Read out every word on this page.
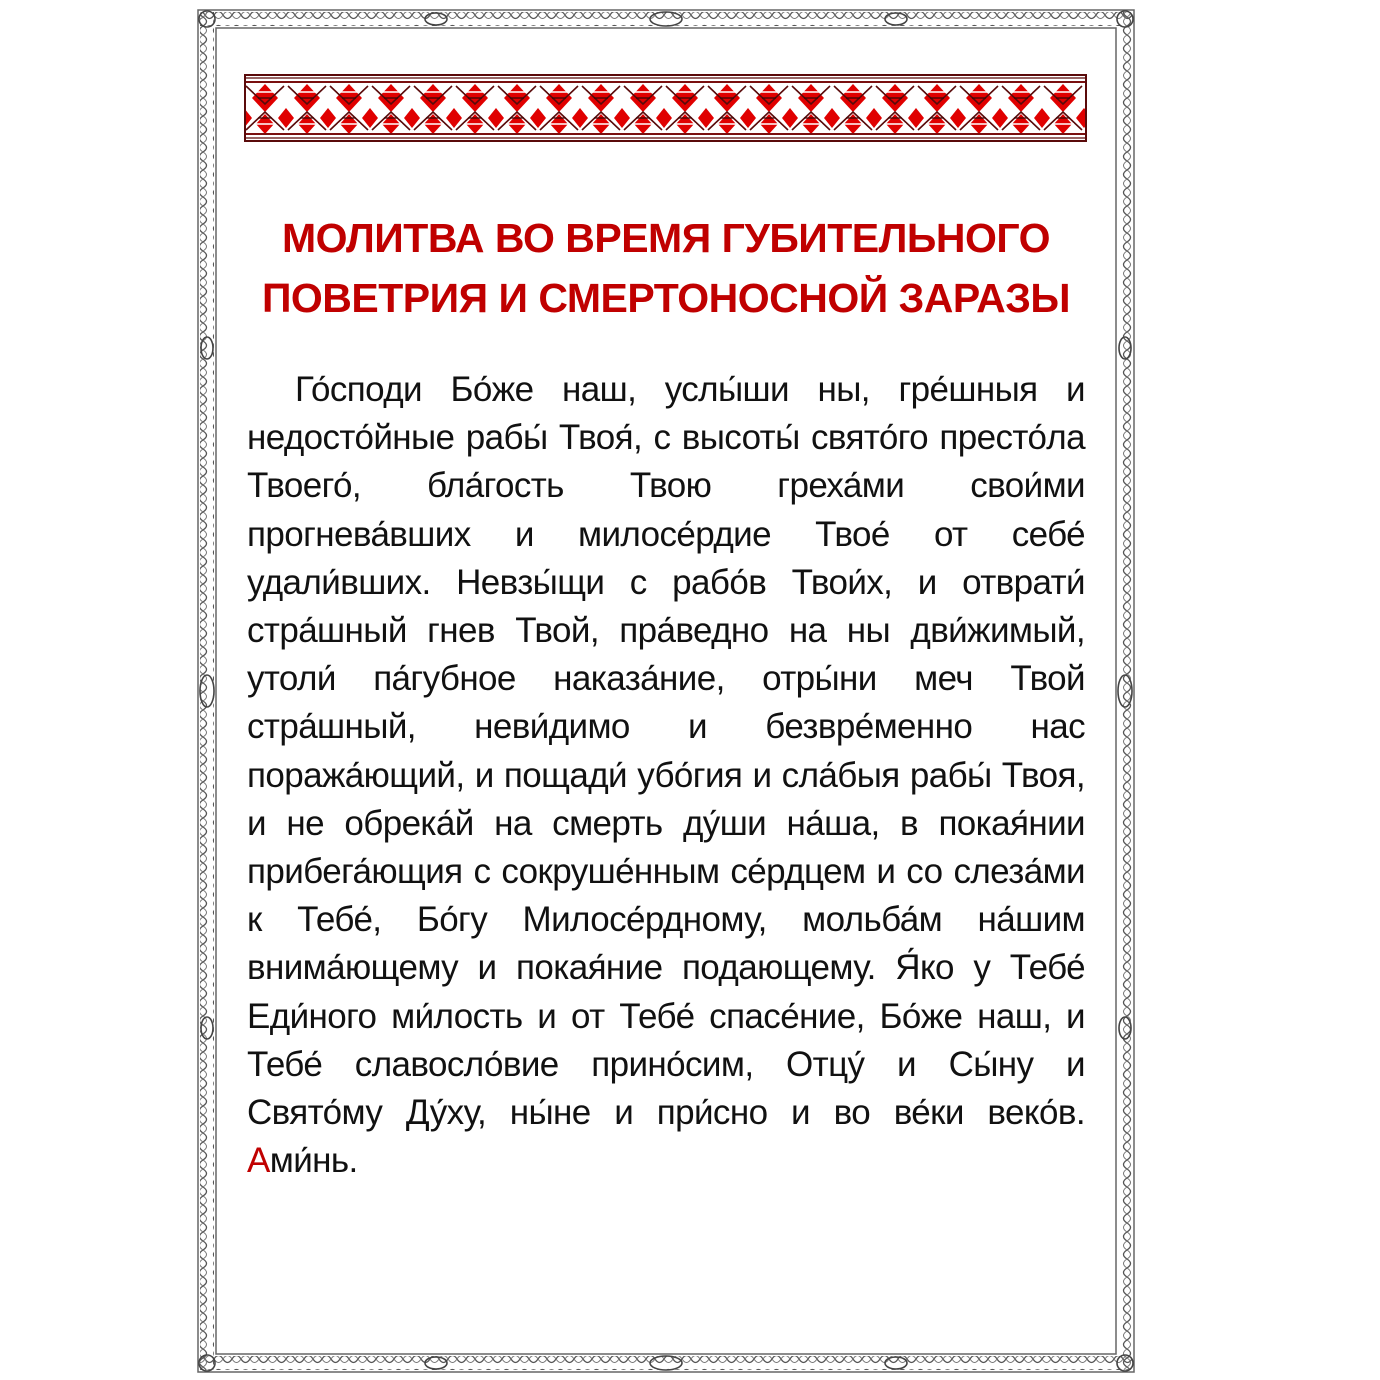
МОЛИТВА ВО ВРЕМЯ ГУБИТЕЛЬНОГО
ПОВЕТРИЯ И СМЕРТОНОСНОЙ ЗАРАЗЫ

Го́споди Бо́же наш, услы́ши ны, гре́шныя и недосто́йные рабы́ Твоя́, с высоты́ свято́го престо́ла Твоего́, бла́гость Твою греха́ми свои́ми прогнева́вших и милосе́рдие Твое́ от себе́ удали́вших. Невзы́щи с рабо́в Твои́х, и отврати́ стра́шный гнев Твой, пра́ведно на ны дви́жимый, утоли́ па́губное наказа́ние, отры́ни меч Твой стра́шный, неви́димо и безвре́менно нас поража́ющий, и пощади́ убо́гия и сла́быя рабы́ Твоя, и не обрека́й на смерть ду́ши на́ша, в покая́нии прибега́ющия с сокруше́нным се́рдцем и со слеза́ми к Тебе́, Бо́гу Милосе́рдному, мольба́м на́шим внима́ющему и покая́ние подающему. Я́ко у Тебе́ Еди́ного ми́лость и от Тебе́ спасе́ние, Бо́же наш, и Тебе́ славосло́вие прино́сим, Отцу́ и Сы́ну и Свято́му Ду́ху, ны́не и при́сно и во ве́ки веко́в. Ами́нь.
